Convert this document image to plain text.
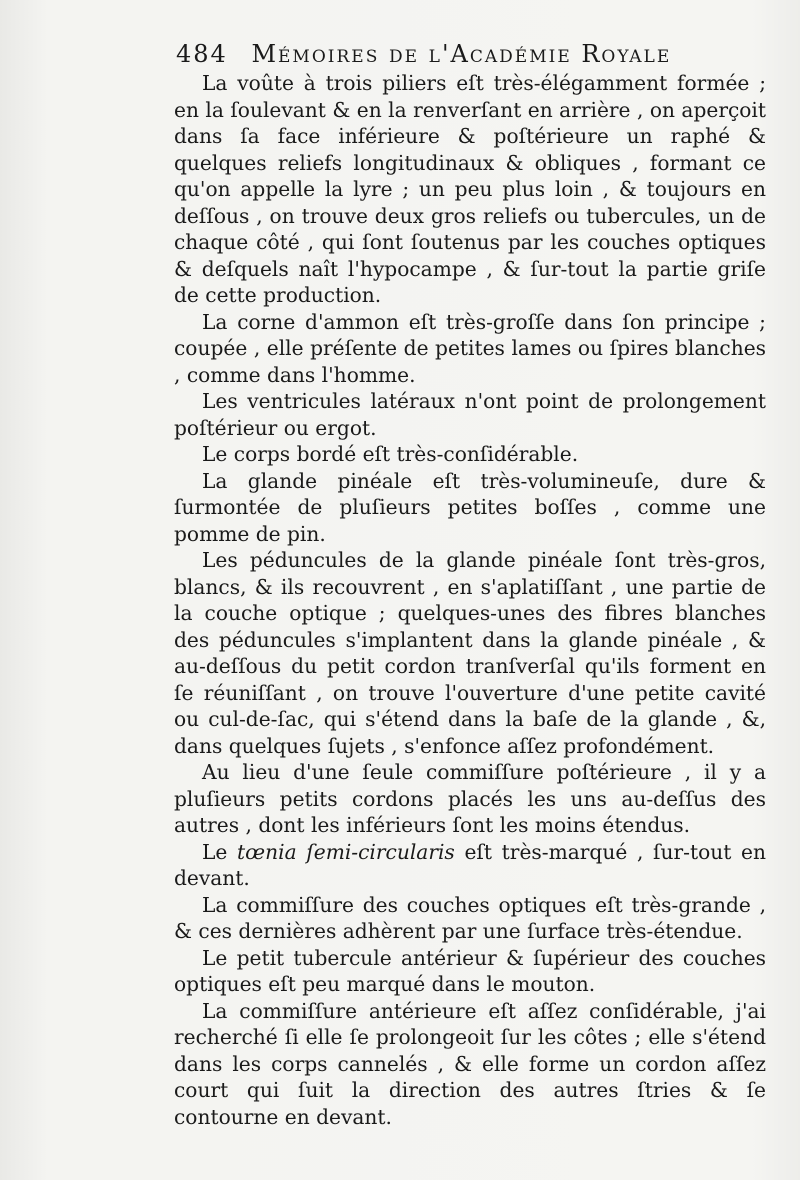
484 Mémoires de l'Académie Royale

La voûte à trois piliers eſt très-élégamment formée ; en la ſoulevant & en la renverſant en arrière , on aperçoit dans ſa face inférieure & poſtérieure un raphé & quelques reliefs longitudinaux & obliques , formant ce qu'on appelle la lyre ; un peu plus loin , & toujours en deſſous , on trouve deux gros reliefs ou tubercules, un de chaque côté , qui ſont ſoutenus par les couches optiques & deſquels naît l'hypocampe , & ſur-tout la partie griſe de cette production.

La corne d'ammon eſt très-groſſe dans ſon principe ; coupée , elle préſente de petites lames ou ſpires blanches , comme dans l'homme.

Les ventricules latéraux n'ont point de prolongement poſtérieur ou ergot.

Le corps bordé eſt très-conſidérable.

La glande pinéale eſt très-volumineuſe, dure & ſurmontée de pluſieurs petites boſſes , comme une pomme de pin.

Les péduncules de la glande pinéale ſont très-gros, blancs, & ils recouvrent , en s'aplatiſſant , une partie de la couche optique ; quelques-unes des fibres blanches des péduncules s'implantent dans la glande pinéale , & au-deſſous du petit cordon tranſverſal qu'ils forment en ſe réuniſſant , on trouve l'ouverture d'une petite cavité ou cul-de-ſac, qui s'étend dans la baſe de la glande , &, dans quelques ſujets , s'enfonce aſſez profondément.

Au lieu d'une ſeule commiſſure poſtérieure , il y a pluſieurs petits cordons placés les uns au-deſſus des autres , dont les inférieurs ſont les moins étendus.

Le tœnia ſemi-circularis eſt très-marqué , ſur-tout en devant.

La commiſſure des couches optiques eſt très-grande , & ces dernières adhèrent par une ſurface très-étendue.

Le petit tubercule antérieur & ſupérieur des couches optiques eſt peu marqué dans le mouton.

La commiſſure antérieure eſt aſſez conſidérable, j'ai recherché ſi elle ſe prolongeoit ſur les côtes ; elle s'étend dans les corps cannelés , & elle forme un cordon aſſez court qui ſuit la direction des autres ſtries & ſe contourne en devant.
